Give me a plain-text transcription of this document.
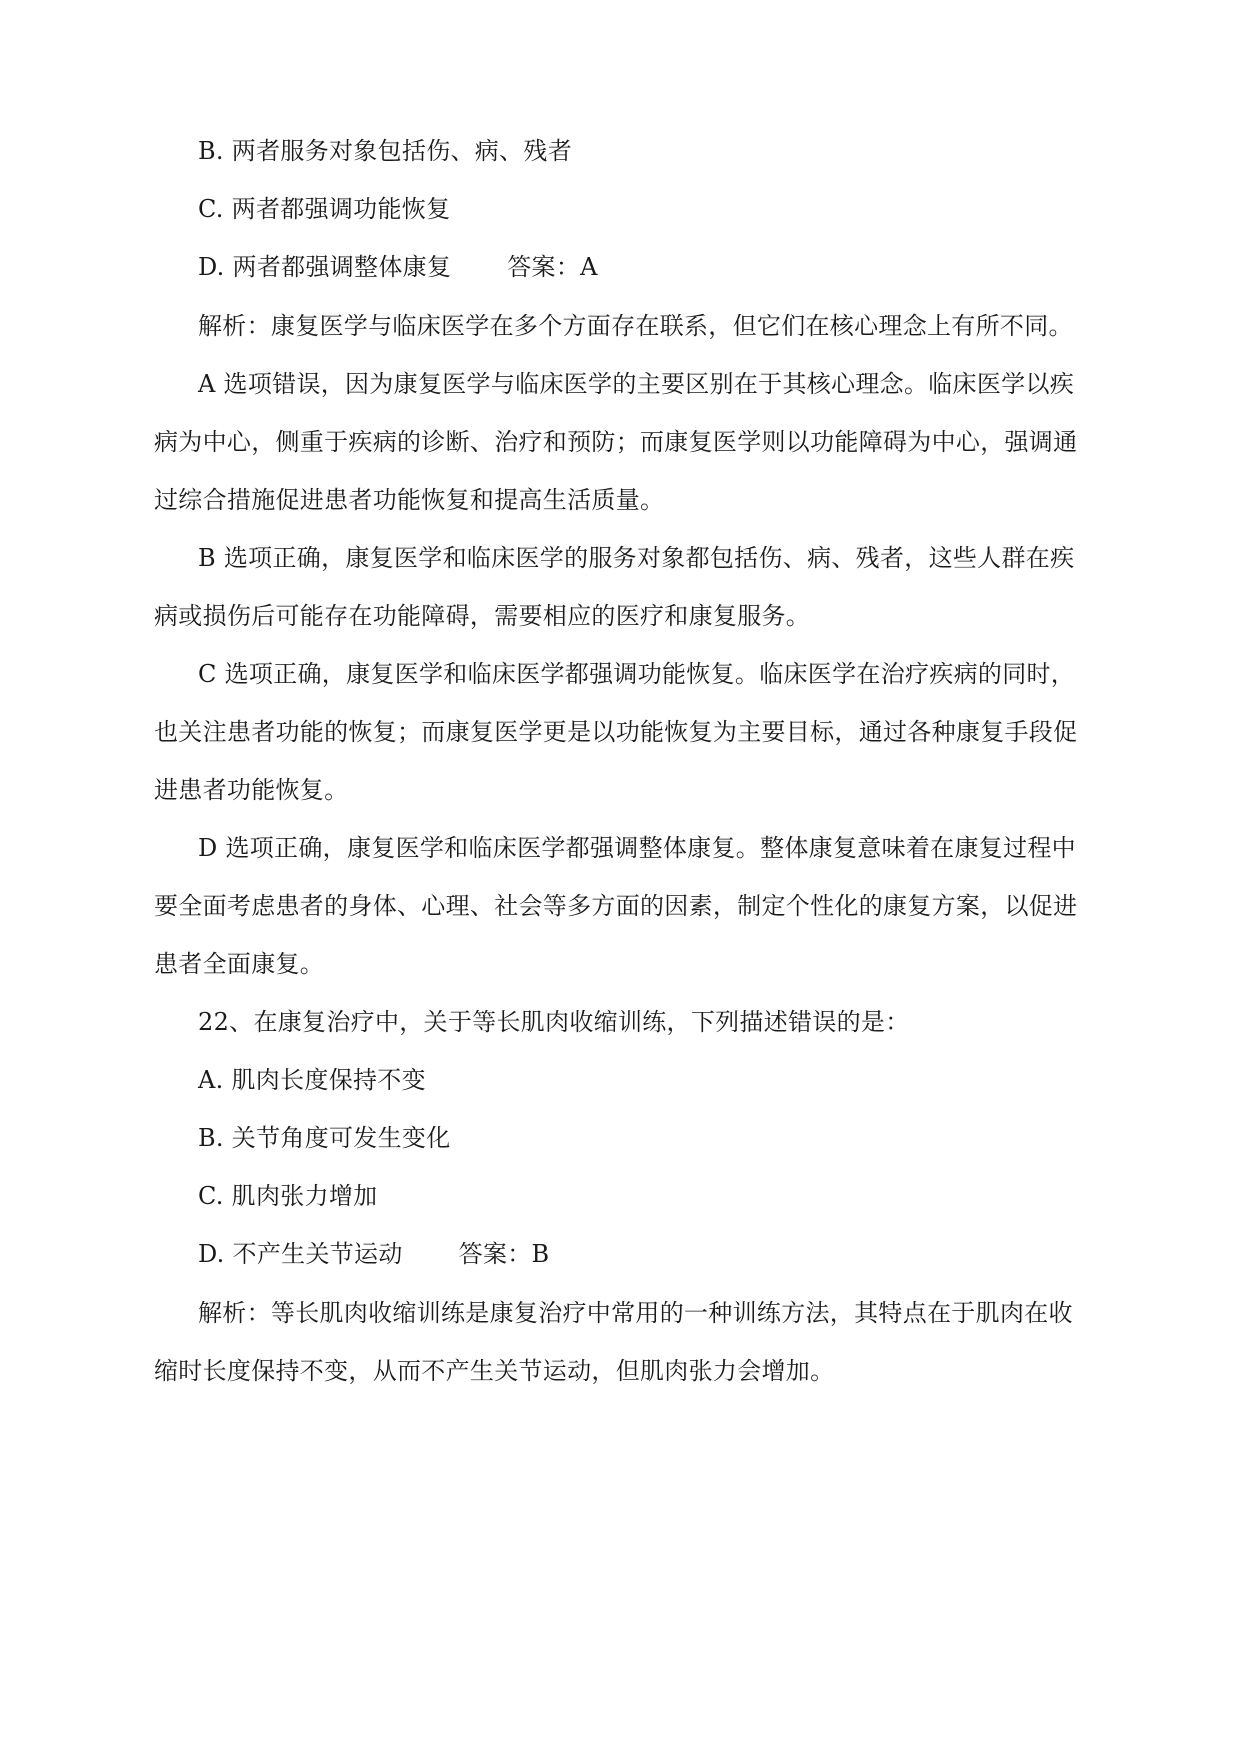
B. 两者服务对象包括伤、病、残者
C. 两者都强调功能恢复
D. 两者都强调整体康复 答案：A
解析：康复医学与临床医学在多个方面存在联系，但它们在核心理念上有所不同。
A 选项错误，因为康复医学与临床医学的主要区别在于其核心理念。临床医学以疾
病为中心，侧重于疾病的诊断、治疗和预防；而康复医学则以功能障碍为中心，强调通
过综合措施促进患者功能恢复和提高生活质量。
B 选项正确，康复医学和临床医学的服务对象都包括伤、病、残者，这些人群在疾
病或损伤后可能存在功能障碍，需要相应的医疗和康复服务。
C 选项正确，康复医学和临床医学都强调功能恢复。临床医学在治疗疾病的同时，
也关注患者功能的恢复；而康复医学更是以功能恢复为主要目标，通过各种康复手段促
进患者功能恢复。
D 选项正确，康复医学和临床医学都强调整体康复。整体康复意味着在康复过程中
要全面考虑患者的身体、心理、社会等多方面的因素，制定个性化的康复方案，以促进
患者全面康复。
22、在康复治疗中，关于等长肌肉收缩训练，下列描述错误的是：
A. 肌肉长度保持不变
B. 关节角度可发生变化
C. 肌肉张力增加
D. 不产生关节运动 答案：B
解析：等长肌肉收缩训练是康复治疗中常用的一种训练方法，其特点在于肌肉在收
缩时长度保持不变，从而不产生关节运动，但肌肉张力会增加。
